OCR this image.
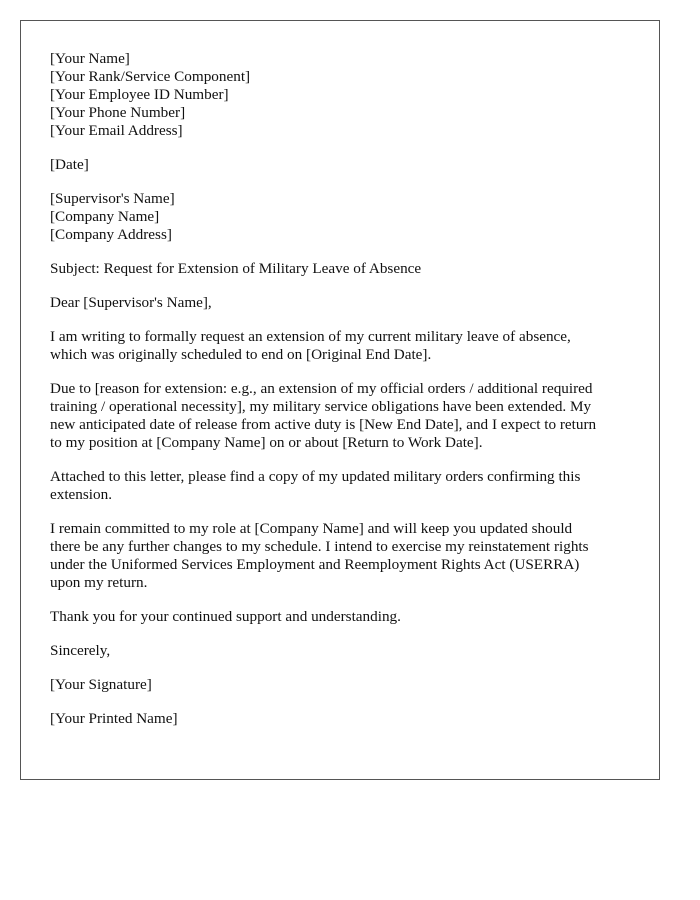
[Your Name]
[Your Rank/Service Component]
[Your Employee ID Number]
[Your Phone Number]
[Your Email Address]
[Date]
[Supervisor's Name]
[Company Name]
[Company Address]
Subject: Request for Extension of Military Leave of Absence
Dear [Supervisor's Name],
I am writing to formally request an extension of my current military leave of absence,
which was originally scheduled to end on [Original End Date].
Due to [reason for extension: e.g., an extension of my official orders / additional required
training / operational necessity], my military service obligations have been extended. My
new anticipated date of release from active duty is [New End Date], and I expect to return
to my position at [Company Name] on or about [Return to Work Date].
Attached to this letter, please find a copy of my updated military orders confirming this
extension.
I remain committed to my role at [Company Name] and will keep you updated should
there be any further changes to my schedule. I intend to exercise my reinstatement rights
under the Uniformed Services Employment and Reemployment Rights Act (USERRA)
upon my return.
Thank you for your continued support and understanding.
Sincerely,
[Your Signature]
[Your Printed Name]
